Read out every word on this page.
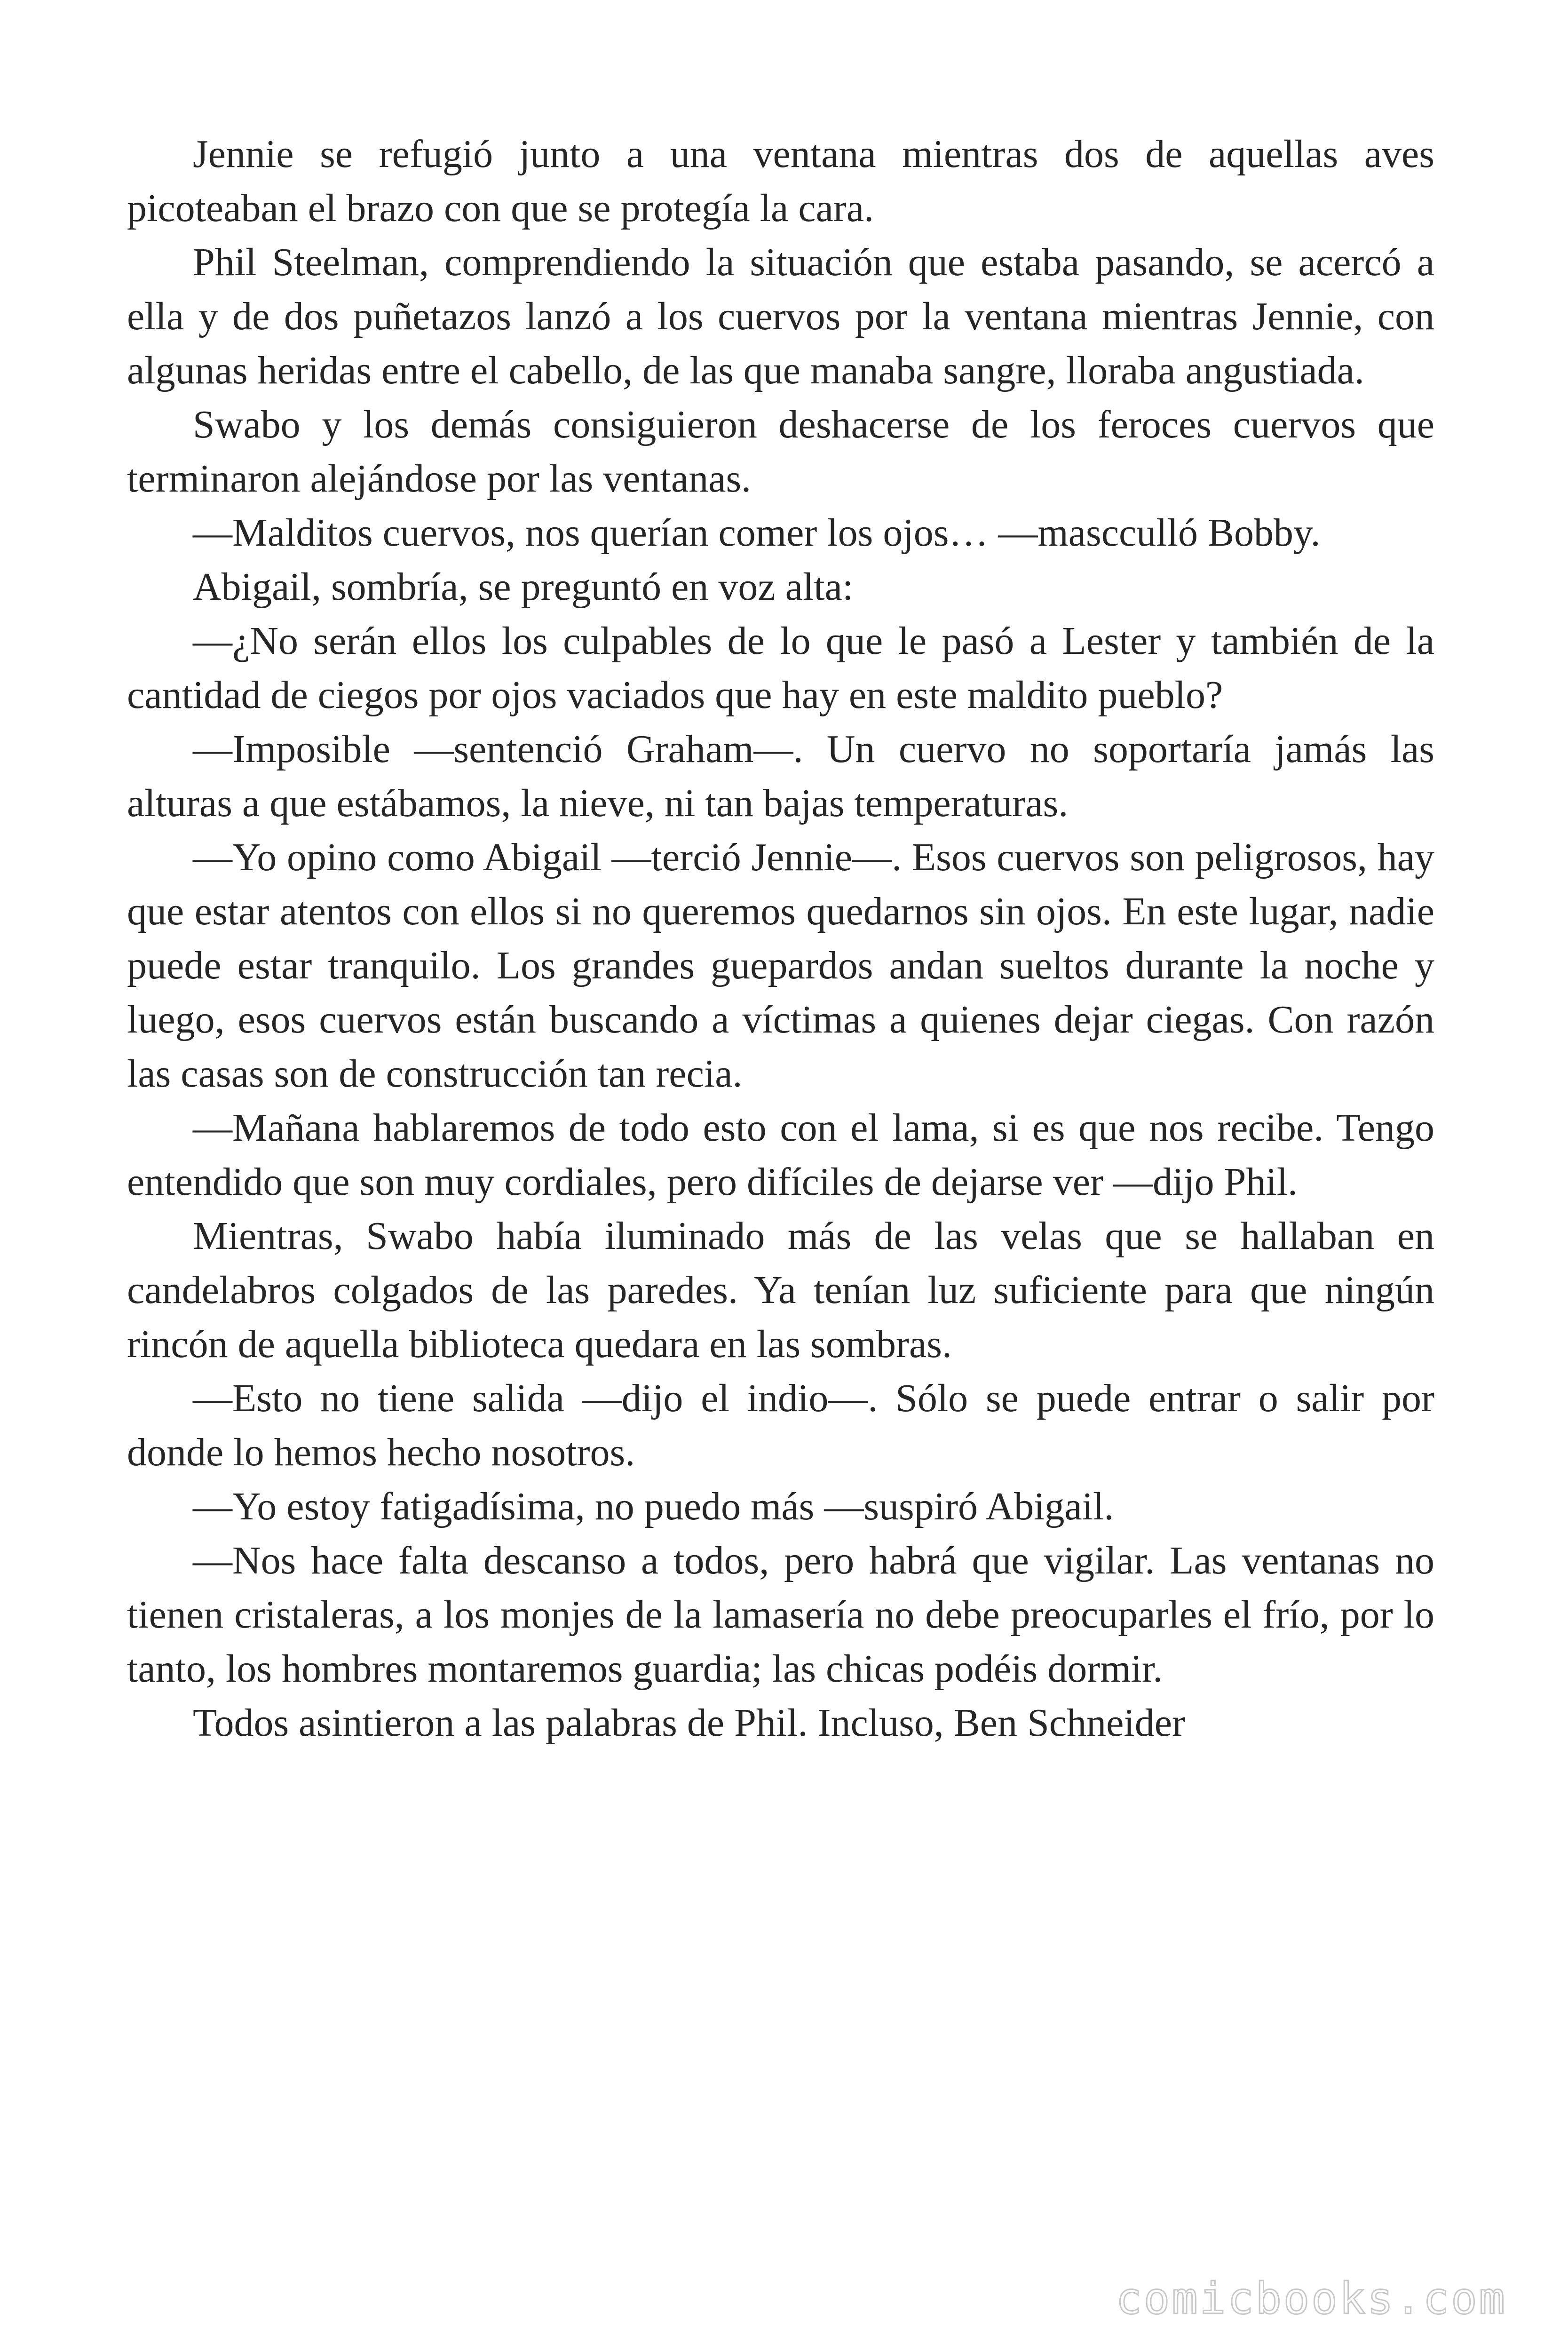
Jennie se refugió junto a una ventana mientras dos de aquellas aves picoteaban el brazo con que se protegía la cara.

Phil Steelman, comprendiendo la situación que estaba pasando, se acercó a ella y de dos puñetazos lanzó a los cuervos por la ventana mientras Jennie, con algunas heridas entre el cabello, de las que manaba sangre, lloraba angustiada.

Swabo y los demás consiguieron deshacerse de los feroces cuervos que terminaron alejándose por las ventanas.

—Malditos cuervos, nos querían comer los ojos… —mascculló Bobby.

Abigail, sombría, se preguntó en voz alta:

—¿No serán ellos los culpables de lo que le pasó a Lester y también de la cantidad de ciegos por ojos vaciados que hay en este maldito pueblo?

—Imposible —sentenció Graham—. Un cuervo no soportaría jamás las alturas a que estábamos, la nieve, ni tan bajas temperaturas.

—Yo opino como Abigail —terció Jennie—. Esos cuervos son peligrosos, hay que estar atentos con ellos si no queremos quedarnos sin ojos. En este lugar, nadie puede estar tranquilo. Los grandes guepardos andan sueltos durante la noche y luego, esos cuervos están buscando a víctimas a quienes dejar ciegas. Con razón las casas son de construcción tan recia.

—Mañana hablaremos de todo esto con el lama, si es que nos recibe. Tengo entendido que son muy cordiales, pero difíciles de dejarse ver —dijo Phil.

Mientras, Swabo había iluminado más de las velas que se hallaban en candelabros colgados de las paredes. Ya tenían luz suficiente para que ningún rincón de aquella biblioteca quedara en las sombras.

—Esto no tiene salida —dijo el indio—. Sólo se puede entrar o salir por donde lo hemos hecho nosotros.

—Yo estoy fatigadísima, no puedo más —suspiró Abigail.

—Nos hace falta descanso a todos, pero habrá que vigilar. Las ventanas no tienen cristaleras, a los monjes de la lamasería no debe preocuparles el frío, por lo tanto, los hombres montaremos guardia; las chicas podéis dormir.

Todos asintieron a las palabras de Phil. Incluso, Ben Schneider

comicbooks.com
